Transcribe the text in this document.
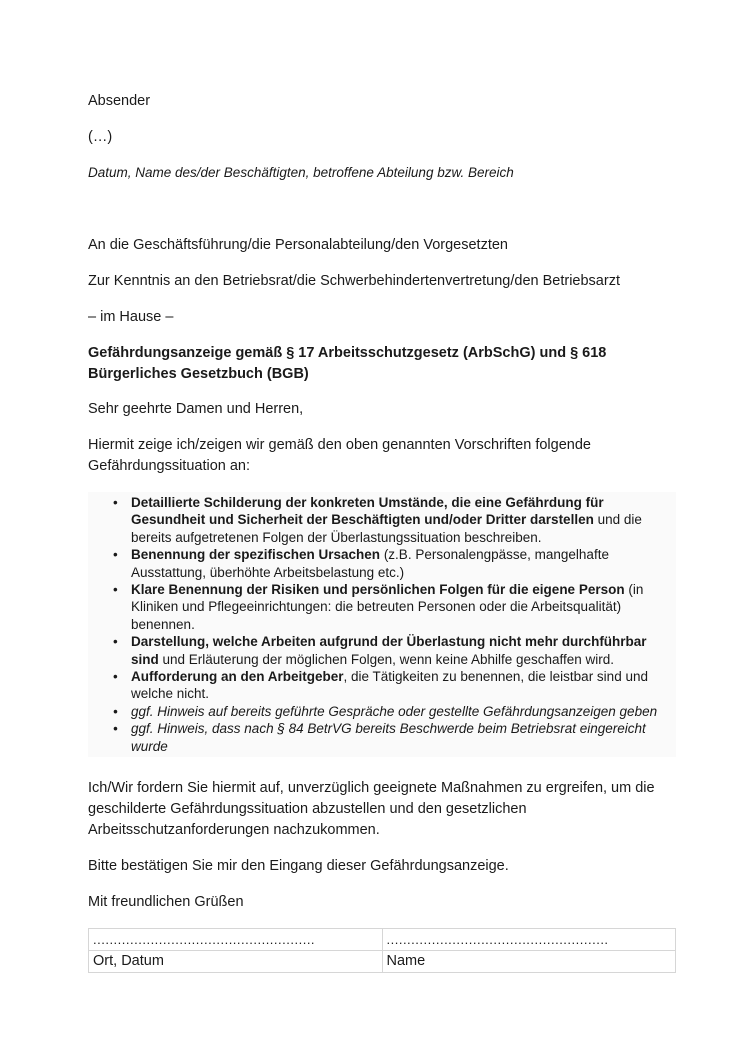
Absender

(…)

Datum, Name des/der Beschäftigten, betroffene Abteilung bzw. Bereich

An die Geschäftsführung/die Personalabteilung/den Vorgesetzten

Zur Kenntnis an den Betriebsrat/die Schwerbehindertenvertretung/den Betriebsarzt

– im Hause –

Gefährdungsanzeige gemäß § 17 Arbeitsschutzgesetz (ArbSchG) und § 618 Bürgerliches Gesetzbuch (BGB)

Sehr geehrte Damen und Herren,

Hiermit zeige ich/zeigen wir gemäß den oben genannten Vorschriften folgende Gefährdungssituation an:

• Detaillierte Schilderung der konkreten Umstände, die eine Gefährdung für Gesundheit und Sicherheit der Beschäftigten und/oder Dritter darstellen und die bereits aufgetretenen Folgen der Überlastungssituation beschreiben.
• Benennung der spezifischen Ursachen (z.B. Personalengpässe, mangelhafte Ausstattung, überhöhte Arbeitsbelastung etc.)
• Klare Benennung der Risiken und persönlichen Folgen für die eigene Person (in Kliniken und Pflegeeinrichtungen: die betreuten Personen oder die Arbeitsqualität) benennen.
• Darstellung, welche Arbeiten aufgrund der Überlastung nicht mehr durchführbar sind und Erläuterung der möglichen Folgen, wenn keine Abhilfe geschaffen wird.
• Aufforderung an den Arbeitgeber, die Tätigkeiten zu benennen, die leistbar sind und welche nicht.
• ggf. Hinweis auf bereits geführte Gespräche oder gestellte Gefährdungsanzeigen geben
• ggf. Hinweis, dass nach § 84 BetrVG bereits Beschwerde beim Betriebsrat eingereicht wurde

Ich/Wir fordern Sie hiermit auf, unverzüglich geeignete Maßnahmen zu ergreifen, um die geschilderte Gefährdungssituation abzustellen und den gesetzlichen Arbeitsschutzanforderungen nachzukommen.

Bitte bestätigen Sie mir den Eingang dieser Gefährdungsanzeige.

Mit freundlichen Grüßen

......................................................	......................................................
Ort, Datum	Name
